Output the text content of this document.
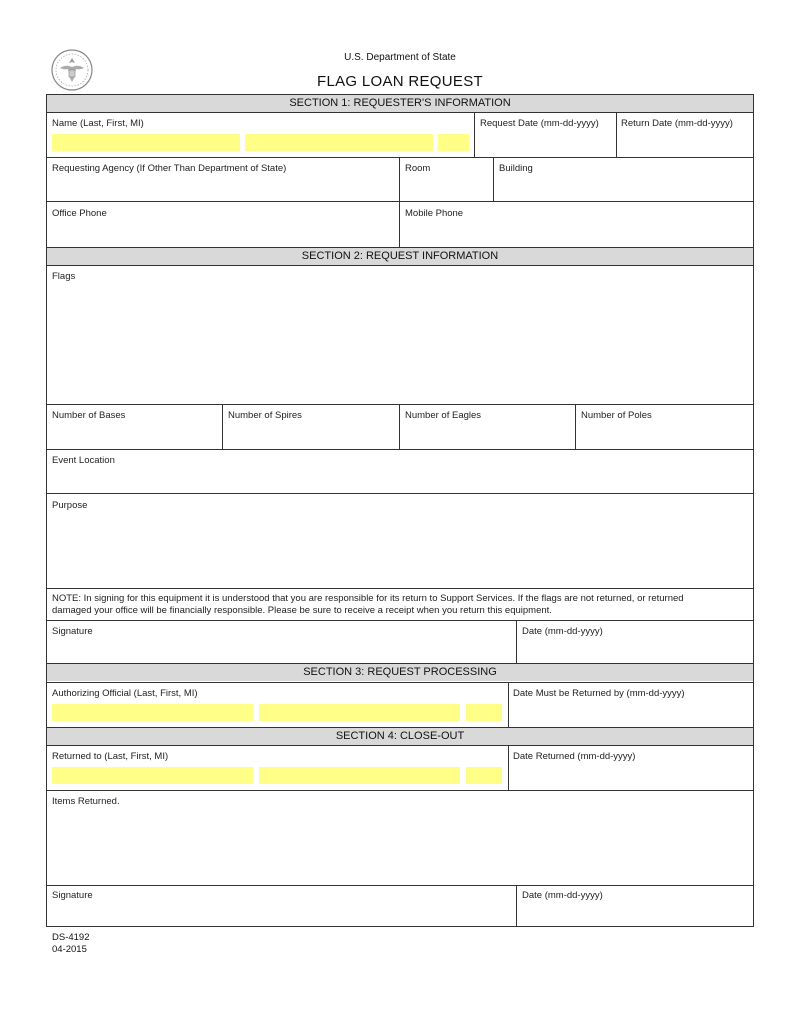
U.S. Department of State
FLAG LOAN REQUEST
SECTION 1: REQUESTER'S INFORMATION
Name (Last, First, MI)	Request Date (mm-dd-yyyy) Return Date (mm-dd-yyyy)
Requesting Agency (If Other Than Department of State)	Room	Building
Office Phone	Mobile Phone
SECTION 2: REQUEST INFORMATION
Flags
Number of Bases	Number of Spires	Number of Eagles	Number of Poles
Event Location
Purpose
NOTE: In signing for this equipment it is understood that you are responsible for its return to Support Services. If the flags are not returned, or returned
damaged your office will be financially responsible. Please be sure to receive a receipt when you return this equipment.
Signature	Date (mm-dd-yyyy)
SECTION 3: REQUEST PROCESSING
Authorizing Official (Last, First, MI)	Date Must be Returned by (mm-dd-yyyy)
SECTION 4: CLOSE-OUT
Returned to (Last, First, MI)	Date Returned (mm-dd-yyyy)
Items Returned.
Signature	Date (mm-dd-yyyy)
DS-4192
04-2015
